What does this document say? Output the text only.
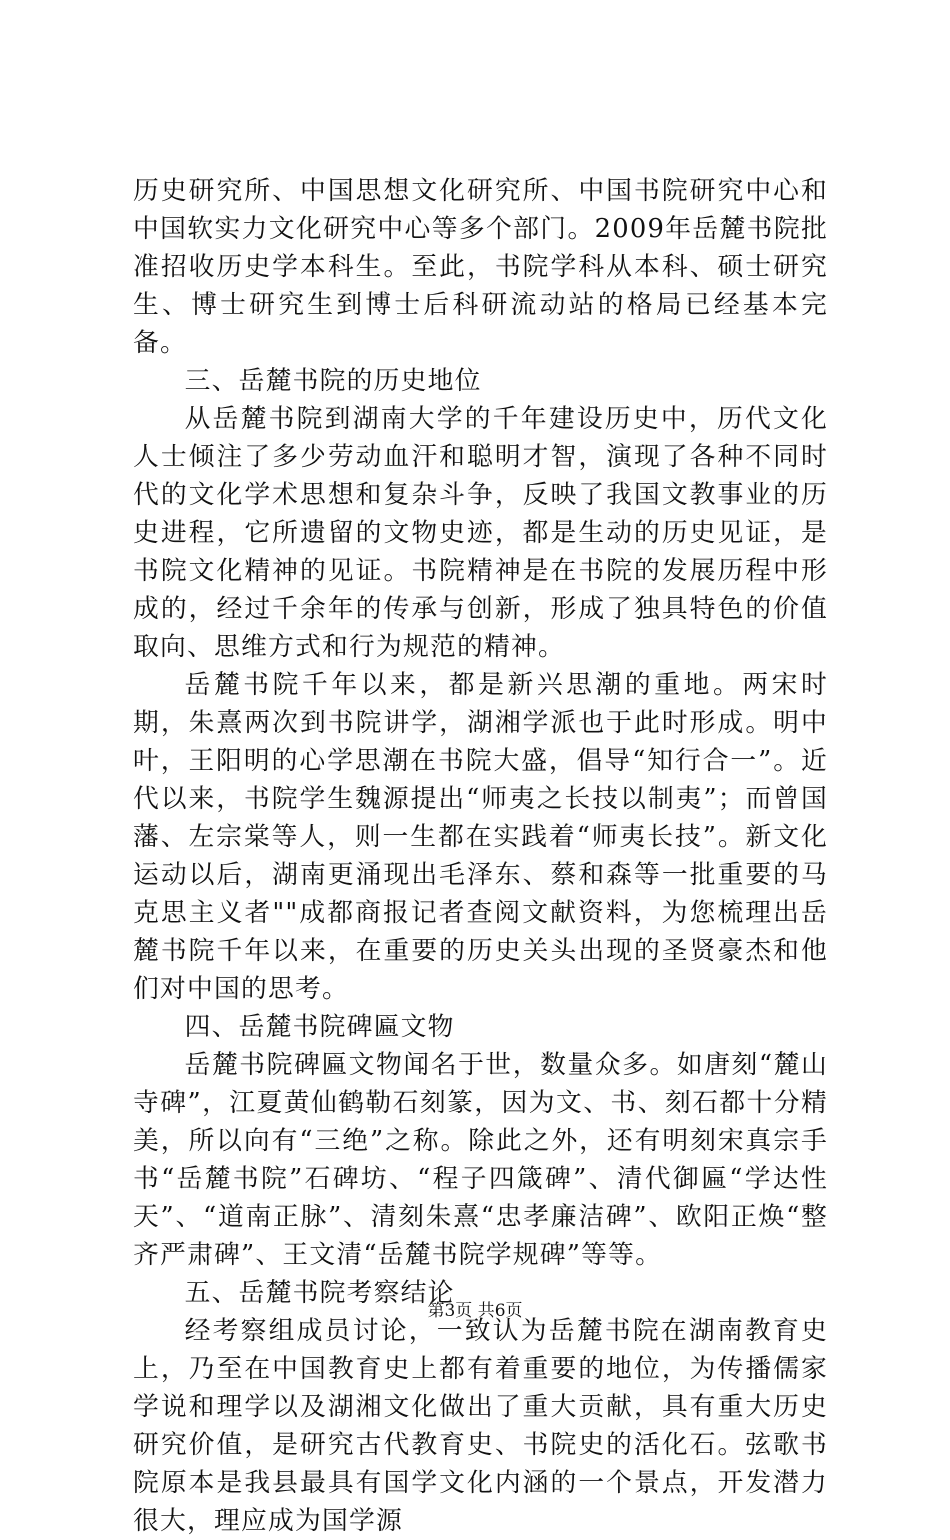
历史研究所、中国思想文化研究所、中国书院研究中心和中国软实力文化研究中心等多个部门。2009年岳麓书院批准招收历史学本科生。至此，书院学科从本科、硕士研究生、博士研究生到博士后科研流动站的格局已经基本完备。

三、岳麓书院的历史地位

从岳麓书院到湖南大学的千年建设历史中，历代文化人士倾注了多少劳动血汗和聪明才智，演现了各种不同时代的文化学术思想和复杂斗争，反映了我国文教事业的历史进程，它所遗留的文物史迹，都是生动的历史见证，是书院文化精神的见证。书院精神是在书院的发展历程中形成的，经过千余年的传承与创新，形成了独具特色的价值取向、思维方式和行为规范的精神。

岳麓书院千年以来，都是新兴思潮的重地。两宋时期，朱熹两次到书院讲学，湖湘学派也于此时形成。明中叶，王阳明的心学思潮在书院大盛，倡导“知行合一”。近代以来，书院学生魏源提出“师夷之长技以制夷”；而曾国藩、左宗棠等人，则一生都在实践着“师夷长技”。新文化运动以后，湖南更涌现出毛泽东、蔡和森等一批重要的马克思主义者""成都商报记者查阅文献资料，为您梳理出岳麓书院千年以来，在重要的历史关头出现的圣贤豪杰和他们对中国的思考。

四、岳麓书院碑匾文物

岳麓书院碑匾文物闻名于世，数量众多。如唐刻“麓山寺碑”，江夏黄仙鹤勒石刻篆，因为文、书、刻石都十分精美，所以向有“三绝”之称。除此之外，还有明刻宋真宗手书“岳麓书院”石碑坊、“程子四箴碑”、清代御匾“学达性天”、“道南正脉”、清刻朱熹“忠孝廉洁碑”、欧阳正焕“整齐严肃碑”、王文清“岳麓书院学规碑”等等。

五、岳麓书院考察结论

经考察组成员讨论，一致认为岳麓书院在湖南教育史上，乃至在中国教育史上都有着重要的地位，为传播儒家学说和理学以及湖湘文化做出了重大贡献，具有重大历史研究价值，是研究古代教育史、书院史的活化石。弦歌书院原本是我县最具有国学文化内涵的一个景点，开发潜力很大，理应成为国学源

第3页 共6页
